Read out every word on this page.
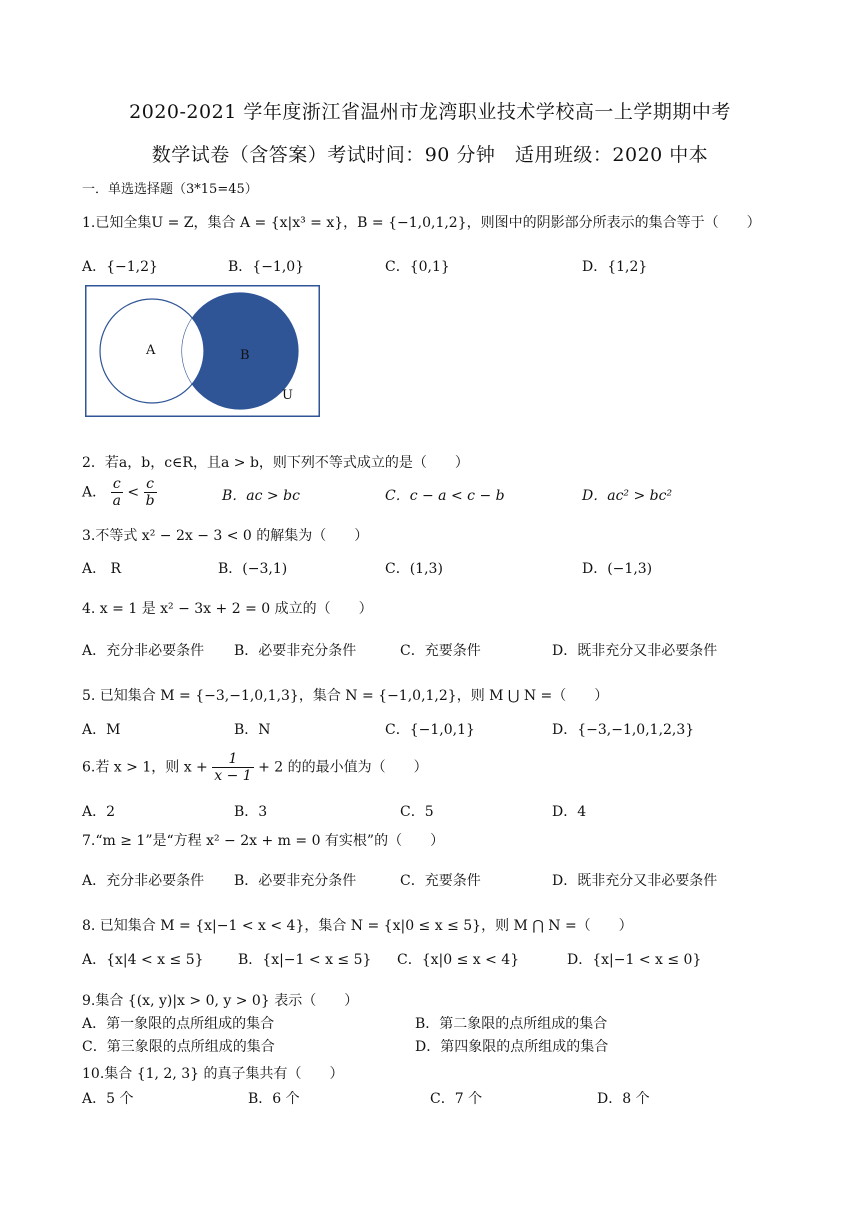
2020-2021 学年度浙江省温州市龙湾职业技术学校高一上学期期中考
数学试卷（含答案）考试时间：90 分钟　适用班级：2020 中本
一．单选选择题（3*15=45）
1.已知全集U = Z，集合 A = {x|x³ = x}，B = {−1,0,1,2}，则图中的阴影部分所表示的集合等于（　　）
A．{−1,2}	B．{−1,0}	C．{0,1}	D．{1,2}
A	B
U
2．若a，b，c∈R，且a > b，则下列不等式成立的是（　　）
A． $\frac{c}{a} < \frac{c}{b}$	B．ac > bc	C．c − a < c − b	D．ac² > bc²
3.不等式 x² − 2x − 3 < 0 的解集为（　　）
A． R	B．(−3,1)	C．(1,3)	D．(−1,3)
4. x = 1 是 x² − 3x + 2 = 0 成立的（　　）
A．充分非必要条件 B．必要非充分条件	C．充要条件	D．既非充分又非必要条件
5. 已知集合 M = {−3,−1,0,1,3}，集合 N = {−1,0,1,2}，则 M ⋃ N =（　　）
A．M	B．N	C．{−1,0,1}	D．{−3,−1,0,1,2,3}
6.若 x > 1，则 $x + \frac{1}{x - 1} + 2$ 的的最小值为（　　）
A．2	B．3	C．5	D．4
7.“m ≥ 1”是“方程 x² − 2x + m = 0 有实根”的（　　）
A．充分非必要条件 B．必要非充分条件	C．充要条件	D．既非充分又非必要条件
8. 已知集合 M = {x|−1 < x < 4}，集合 N = {x|0 ≤ x ≤ 5}，则 M ⋂ N =（　　）
A．{x|4 < x ≤ 5} B．{x|−1 < x ≤ 5} C．{x|0 ≤ x < 4}	D．{x|−1 < x ≤ 0}
9.集合 {(x, y)|x > 0, y > 0} 表示（　　）
A．第一象限的点所组成的集合	B．第二象限的点所组成的集合
C．第三象限的点所组成的集合	D．第四象限的点所组成的集合
10.集合 {1, 2, 3} 的真子集共有（　　）
A．5 个	B．6 个	C．7 个	D．8 个
